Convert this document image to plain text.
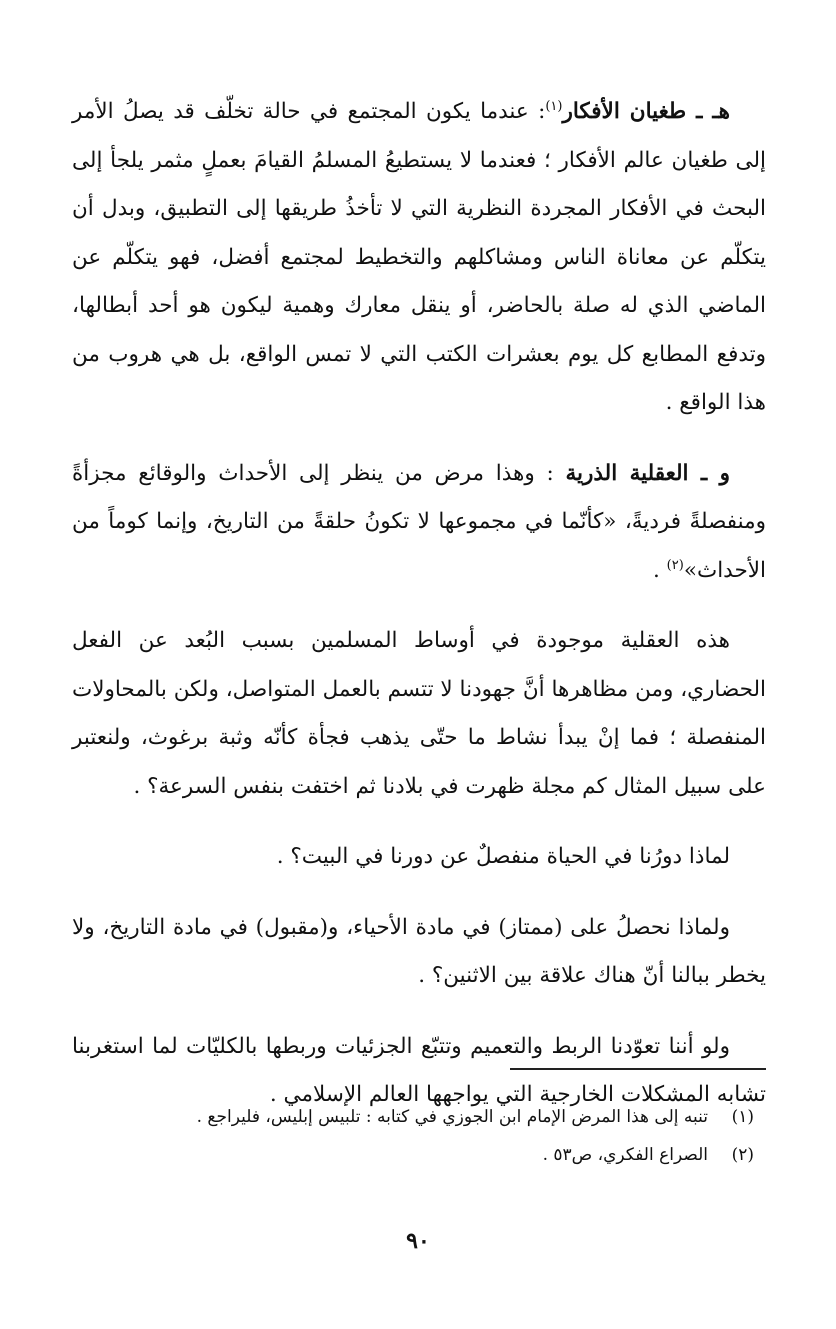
هـ ـ طغيان الأفكار$^{(١)}$: عندما يكون المجتمع في حالة تخلّف قد يصلُ الأمر إلى طغيان عالم الأفكار ؛ فعندما لا يستطيعُ المسلمُ القيامَ بعملٍ مثمر يلجأ إلى البحث في الأفكار المجردة النظرية التي لا تأخذُ طريقها إلى التطبيق، وبدل أن يتكلّم عن معاناة الناس ومشاكلهم والتخطيط لمجتمع أفضل، فهو يتكلّم عن الماضي الذي له صلة بالحاضر، أو ينقل معارك وهمية ليكون هو أحد أبطالها، وتدفع المطابع كل يوم بعشرات الكتب التي لا تمس الواقع، بل هي هروب من هذا الواقع .

و ـ العقلية الذرية : وهذا مرض من ينظر إلى الأحداث والوقائع مجزأةً ومنفصلةً فرديةً، «كأنّما في مجموعها لا تكونُ حلقةً من التاريخ، وإنما كوماً من الأحداث»$^{(٢)}$ .

هذه العقلية موجودة في أوساط المسلمين بسبب البُعد عن الفعل الحضاري، ومن مظاهرها أنَّ جهودنا لا تتسم بالعمل المتواصل، ولكن بالمحاولات المنفصلة ؛ فما إنْ يبدأ نشاط ما حتّى يذهب فجأة كأنّه وثبة برغوث، ولنعتبر على سبيل المثال كم مجلة ظهرت في بلادنا ثم اختفت بنفس السرعة؟ .

لماذا دورُنا في الحياة منفصلٌ عن دورنا في البيت؟ .

ولماذا نحصلُ على (ممتاز) في مادة الأحياء، و(مقبول) في مادة التاريخ، ولا يخطر ببالنا أنّ هناك علاقة بين الاثنين؟ .

ولو أننا تعوّدنا الربط والتعميم وتتبّع الجزئيات وربطها بالكليّات لما استغربنا تشابه المشكلات الخارجية التي يواجهها العالم الإسلامي .

(١)
تنبه إلى هذا المرض الإمام ابن الجوزي في كتابه : تلبيس إبليس، فليراجع .
(٢)
الصراع الفكري، ص٥٣ .
٩٠
